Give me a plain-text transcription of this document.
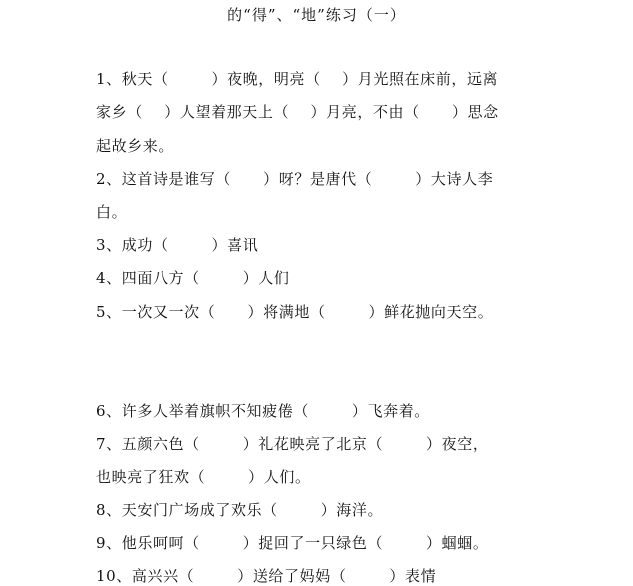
的“得”、“地”练习（一）
1、秋天（        ）夜晚，明亮（    ）月光照在床前，远离
家乡（    ）人望着那天上（    ）月亮，不由（      ）思念
起故乡来。
2、这首诗是谁写（      ）呀？是唐代（        ）大诗人李
白。
3、成功（        ）喜讯
4、四面八方（        ）人们
5、一次又一次（      ）将满地（        ）鲜花抛向天空。
6、许多人举着旗帜不知疲倦（        ）飞奔着。
7、五颜六色（        ）礼花映亮了北京（        ）夜空，
也映亮了狂欢（        ）人们。
8、天安门广场成了欢乐（        ）海洋。
9、他乐呵呵（        ）捉回了一只绿色（        ）蝈蝈。
10、高兴兴（        ）送给了妈妈（        ）表情
